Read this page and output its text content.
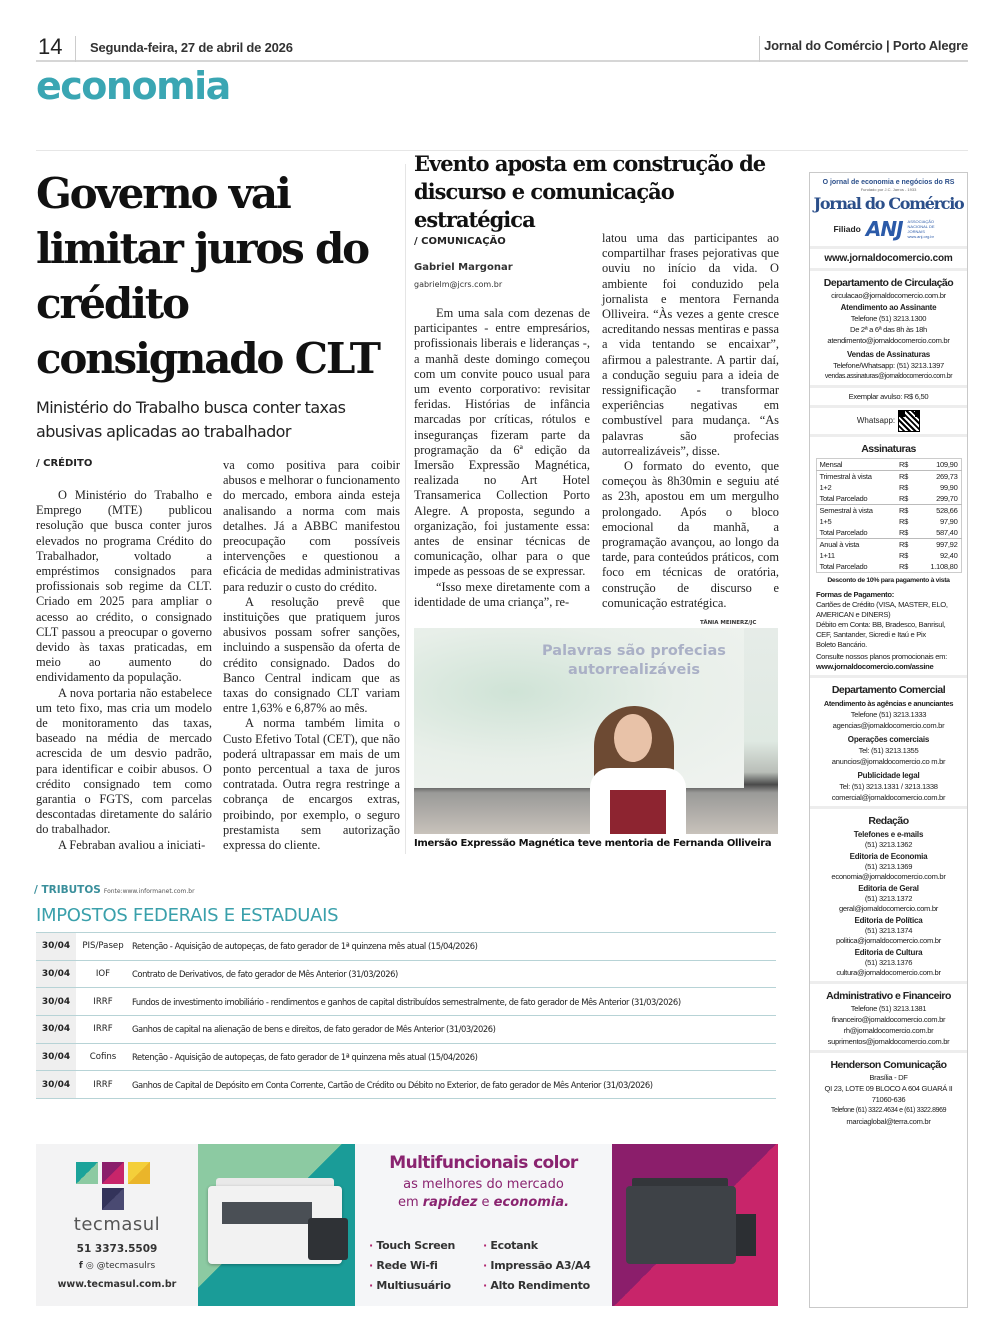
14 Segunda-feira, 27 de abril de 2026	Jornal do Comércio | Porto Alegre
economia
Governo vai limitar juros do crédito consignado CLT
Ministério do Trabalho busca conter taxas abusivas aplicadas ao trabalhador
/ CRÉDITO

O Ministério do Trabalho e Emprego (MTE) publicou resolução que busca conter juros elevados no programa Crédito do Trabalhador, voltado a empréstimos consignados para profissionais sob regime da CLT. Criado em 2025 para ampliar o acesso ao crédito, o consignado CLT passou a preocupar o governo devido às taxas praticadas, em meio ao aumento do endividamento da população.

A nova portaria não estabelece um teto fixo, mas cria um modelo de monitoramento das taxas, baseado na média de mercado acrescida de um desvio padrão, para identificar e coibir abusos. O crédito consignado tem como garantia o FGTS, com parcelas descontadas diretamente do salário do trabalhador.

A Febraban avaliou a iniciati-

va como positiva para coibir abusos e melhorar o funcionamento do mercado, embora ainda esteja analisando a norma com mais detalhes. Já a ABBC manifestou preocupação com possíveis intervenções e questionou a eficácia de medidas administrativas para reduzir o custo do crédito.

A resolução prevê que instituições que pratiquem juros abusivos possam sofrer sanções, incluindo a suspensão da oferta de crédito consignado. Dados do Banco Central indicam que as taxas do consignado CLT variam entre 1,63% e 6,87% ao mês.

A norma também limita o Custo Efetivo Total (CET), que não poderá ultrapassar em mais de um ponto percentual a taxa de juros contratada. Outra regra restringe a cobrança de encargos extras, proibindo, por exemplo, o seguro prestamista sem autorização expressa do cliente.

Evento aposta em construção de discurso e comunicação estratégica
/ COMUNICAÇÃO
Gabriel Margonar
gabrielm@jcrs.com.br

Em uma sala com dezenas de participantes - entre empresários, profissionais liberais e lideranças -, a manhã deste domingo começou com um convite pouco usual para um evento corporativo: revisitar feridas. Histórias de infância marcadas por críticas, rótulos e inseguranças fizeram parte da programação da 6ª edição da Imersão Expressão Magnética, realizada no Art Hotel Transamerica Collection Porto Alegre. A proposta, segundo a organização, foi justamente essa: antes de ensinar técnicas de comunicação, olhar para o que impede as pessoas de se expressar.

“Isso mexe diretamente com a identidade de uma criança”, re-

latou uma das participantes ao compartilhar frases pejorativas que ouviu no início da vida. O ambiente foi conduzido pela jornalista e mentora Fernanda Olliveira. “Às vezes a gente cresce acreditando nessas mentiras e passa a vida tentando se encaixar”, afirmou a palestrante. A partir daí, a condução seguiu para a ideia de ressignificação - transformar experiências negativas em combustível para mudança. “As palavras são profecias autorrealizáveis”, disse.

O formato do evento, que começou às 8h30min e seguiu até as 23h, apostou em um mergulho prolongado. Após o bloco emocional da manhã, a programação avançou, ao longo da tarde, para conteúdos práticos, com foco em técnicas de oratória, construção de discurso e comunicação estratégica.

TÂNIA MEINERZ/JC
Palavras são profecias autorrealizáveis
Imersão Expressão Magnética teve mentoria de Fernanda Olliveira
/ TRIBUTOS Fonte:www.informanet.com.br
IMPOSTOS FEDERAIS E ESTADUAIS
30/04	PIS/Pasep	Retenção - Aquisição de autopeças, de fato gerador de 1ª quinzena mês atual (15/04/2026)
30/04	IOF	Contrato de Derivativos, de fato gerador de Mês Anterior (31/03/2026)
30/04	IRRF	Fundos de investimento imobiliário - rendimentos e ganhos de capital distribuídos semestralmente, de fato gerador de Mês Anterior (31/03/2026)
30/04	IRRF	Ganhos de capital na alienação de bens e direitos, de fato gerador de Mês Anterior (31/03/2026)
30/04	Cofins	Retenção - Aquisição de autopeças, de fato gerador de 1ª quinzena mês atual (15/04/2026)
30/04	IRRF	Ganhos de Capital de Depósito em Conta Corrente, Cartão de Crédito ou Débito no Exterior, de fato gerador de Mês Anterior (31/03/2026)
tecmasul
51 3373.5509
f ◎ @tecmasulrs
www.tecmasul.com.br
Multifuncionais color
as melhores do mercado
em rapidez e economia.
· Touch Screen
· Rede Wi-fi
· Multiusuário
· Ecotank
· Impressão A3/A4
· Alto Rendimento
O jornal de economia e negócios do RS
Fundado por J.C. Jarros - 1933
Jornal do Comércio
Filiado ANJ ASSOCIAÇÃO NACIONAL DE JORNAIS www.anj.org.br
www.jornaldocomercio.com
Departamento de Circulação
circulacao@jornaldocomercio.com.br
Atendimento ao Assinante
Telefone (51) 3213.1300
De 2ª a 6ª das 8h às 18h
atendimento@jornaldocomercio.com.br
Vendas de Assinaturas
Telefone/Whatsapp: (51) 3213.1397
vendas.assinaturas@jornaldocomercio.com.br
Exemplar avulso: R$ 6,50
Whatsapp:
Assinaturas
Mensal	R$	109,90
Trimestral à vista	R$	269,73
1+2	R$	99,90
Total Parcelado	R$	299,70
Semestral à vista	R$	528,66
1+5	R$	97,90
Total Parcelado	R$	587,40
Anual à vista	R$	997,92
1+11	R$	92,40
Total Parcelado	R$	1.108,80
Desconto de 10% para pagamento à vista
Formas de Pagamento:
Cartões de Crédito (VISA, MASTER, ELO, AMERICAN e DINERS)
Débito em Conta: BB, Bradesco, Banrisul, CEF, Santander, Sicredi e Itaú e Pix
Boleto Bancário.
Consulte nossos planos promocionais em:
www.jornaldocomercio.com/assine
Departamento Comercial
Atendimento às agências e anunciantes
Telefone (51) 3213.1333
agencias@jornaldocomercio.com.br
Operações comerciais
Tel: (51) 3213.1355
anuncios@jornaldocomercio.co m.br
Publicidade legal
Tel: (51) 3213.1331 / 3213.1338
comercial@jornaldocomercio.com.br
Redação
Telefones e e-mails
(51) 3213.1362
Editoria de Economia
(51) 3213.1369
economia@jornaldocomercio.com.br
Editoria de Geral
(51) 3213.1372
geral@jornaldocomercio.com.br
Editoria de Política
(51) 3213.1374
politica@jornaldocomercio.com.br
Editoria de Cultura
(51) 3213.1376
cultura@jornaldocomercio.com.br
Administrativo e Financeiro
Telefone (51) 3213.1381
financeiro@jornaldocomercio.com.br
rh@jornaldocomercio.com.br
suprimentos@jornaldocomercio.com.br
Henderson Comunicação
Brasília - DF
QI 23, LOTE 09 BLOCO A 604 GUARÁ II
71060-636
Telefone (61) 3322.4634 e (61) 3322.8969
marciaglobal@terra.com.br
